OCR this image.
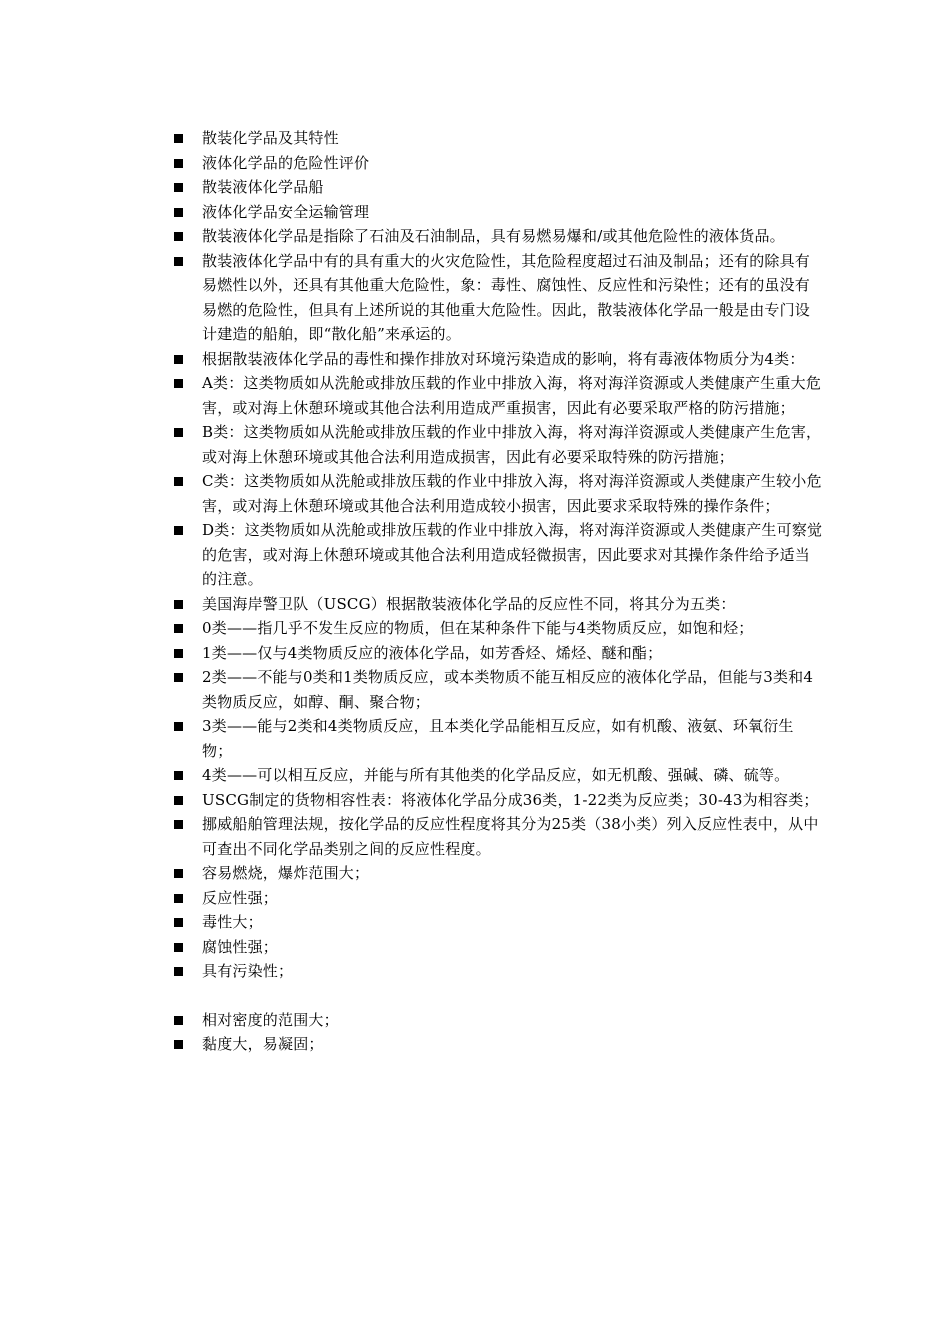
散装化学品及其特性
液体化学品的危险性评价
散装液体化学品船
液体化学品安全运输管理
散装液体化学品是指除了石油及石油制品，具有易燃易爆和/或其他危险性的液体货品。
散装液体化学品中有的具有重大的火灾危险性，其危险程度超过石油及制品；还有的除具有易燃性以外，还具有其他重大危险性，象：毒性、腐蚀性、反应性和污染性；还有的虽没有易燃的危险性，但具有上述所说的其他重大危险性。因此，散装液体化学品一般是由专门设计建造的船舶，即“散化船”来承运的。
根据散装液体化学品的毒性和操作排放对环境污染造成的影响，将有毒液体物质分为4类：
A类：这类物质如从洗舱或排放压载的作业中排放入海，将对海洋资源或人类健康产生重大危害，或对海上休憩环境或其他合法利用造成严重损害，因此有必要采取严格的防污措施；
B类：这类物质如从洗舱或排放压载的作业中排放入海，将对海洋资源或人类健康产生危害，或对海上休憩环境或其他合法利用造成损害，因此有必要采取特殊的防污措施；
C类：这类物质如从洗舱或排放压载的作业中排放入海，将对海洋资源或人类健康产生较小危害，或对海上休憩环境或其他合法利用造成较小损害，因此要求采取特殊的操作条件；
D类：这类物质如从洗舱或排放压载的作业中排放入海，将对海洋资源或人类健康产生可察觉的危害，或对海上休憩环境或其他合法利用造成轻微损害，因此要求对其操作条件给予适当的注意。
美国海岸警卫队（USCG）根据散装液体化学品的反应性不同，将其分为五类：
0类——指几乎不发生反应的物质，但在某种条件下能与4类物质反应，如饱和烃；
1类——仅与4类物质反应的液体化学品，如芳香烃、烯烃、醚和酯；
2类——不能与0类和1类物质反应，或本类物质不能互相反应的液体化学品，但能与3类和4类物质反应，如醇、酮、聚合物；
3类——能与2类和4类物质反应，且本类化学品能相互反应，如有机酸、液氨、环氧衍生物；
4类——可以相互反应，并能与所有其他类的化学品反应，如无机酸、强碱、磷、硫等。
USCG制定的货物相容性表：将液体化学品分成36类，1-22类为反应类；30-43为相容类；
挪威船舶管理法规，按化学品的反应性程度将其分为25类（38小类）列入反应性表中，从中可查出不同化学品类别之间的反应性程度。
容易燃烧，爆炸范围大；
反应性强；
毒性大；
腐蚀性强；
具有污染性；
相对密度的范围大；
黏度大，易凝固；
